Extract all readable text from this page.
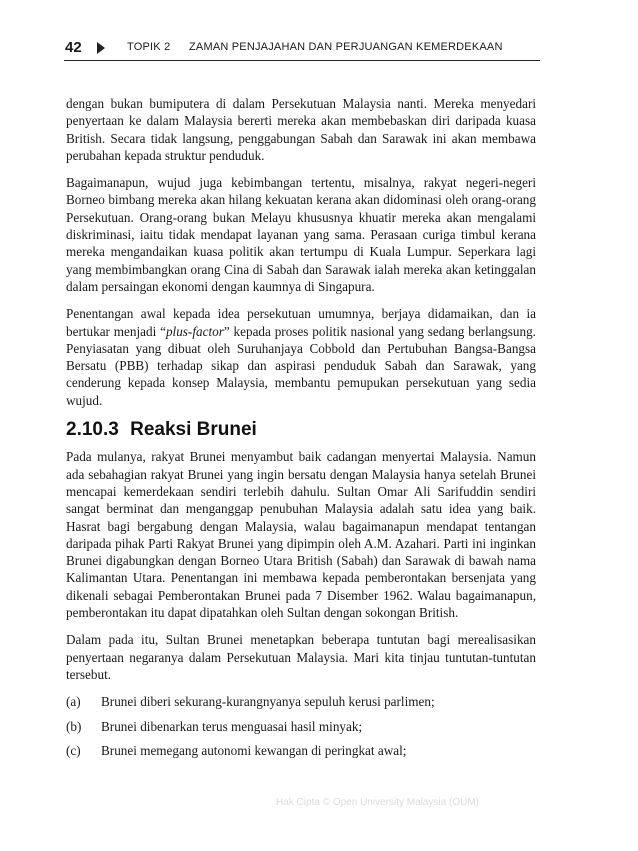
42	TOPIK 2 ZAMAN PENJAJAHAN DAN PERJUANGAN KEMERDEKAAN

dengan bukan bumiputera di dalam Persekutuan Malaysia nanti. Mereka menyedari penyertaan ke dalam Malaysia bererti mereka akan membebaskan diri daripada kuasa British. Secara tidak langsung, penggabungan Sabah dan Sarawak ini akan membawa perubahan kepada struktur penduduk.

Bagaimanapun, wujud juga kebimbangan tertentu, misalnya, rakyat negeri-negeri Borneo bimbang mereka akan hilang kekuatan kerana akan didominasi oleh orang-orang Persekutuan. Orang-orang bukan Melayu khususnya khuatir mereka akan mengalami diskriminasi, iaitu tidak mendapat layanan yang sama. Perasaan curiga timbul kerana mereka mengandaikan kuasa politik akan tertumpu di Kuala Lumpur. Seperkara lagi yang membimbangkan orang Cina di Sabah dan Sarawak ialah mereka akan ketinggalan dalam persaingan ekonomi dengan kaumnya di Singapura.

Penentangan awal kepada idea persekutuan umumnya, berjaya didamaikan, dan ia bertukar menjadi “plus-factor” kepada proses politik nasional yang sedang berlangsung. Penyiasatan yang dibuat oleh Suruhanjaya Cobbold dan Pertubuhan Bangsa-Bangsa Bersatu (PBB) terhadap sikap dan aspirasi penduduk Sabah dan Sarawak, yang cenderung kepada konsep Malaysia, membantu pemupukan persekutuan yang sedia wujud.

2.10.3 Reaksi Brunei

Pada mulanya, rakyat Brunei menyambut baik cadangan menyertai Malaysia. Namun ada sebahagian rakyat Brunei yang ingin bersatu dengan Malaysia hanya setelah Brunei mencapai kemerdekaan sendiri terlebih dahulu. Sultan Omar Ali Sarifuddin sendiri sangat berminat dan menganggap penubuhan Malaysia adalah satu idea yang baik. Hasrat bagi bergabung dengan Malaysia, walau bagaimanapun mendapat tentangan daripada pihak Parti Rakyat Brunei yang dipimpin oleh A.M. Azahari. Parti ini inginkan Brunei digabungkan dengan Borneo Utara British (Sabah) dan Sarawak di bawah nama Kalimantan Utara. Penentangan ini membawa kepada pemberontakan bersenjata yang dikenali sebagai Pemberontakan Brunei pada 7 Disember 1962. Walau bagaimanapun, pemberontakan itu dapat dipatahkan oleh Sultan dengan sokongan British.

Dalam pada itu, Sultan Brunei menetapkan beberapa tuntutan bagi merealisasikan penyertaan negaranya dalam Persekutuan Malaysia. Mari kita tinjau tuntutan-tuntutan tersebut.

(a)	Brunei diberi sekurang-kurangnyanya sepuluh kerusi parlimen;
(b)	Brunei dibenarkan terus menguasai hasil minyak;
(c)	Brunei memegang autonomi kewangan di peringkat awal;
Hak Cipta © Open University Malaysia (OUM)
